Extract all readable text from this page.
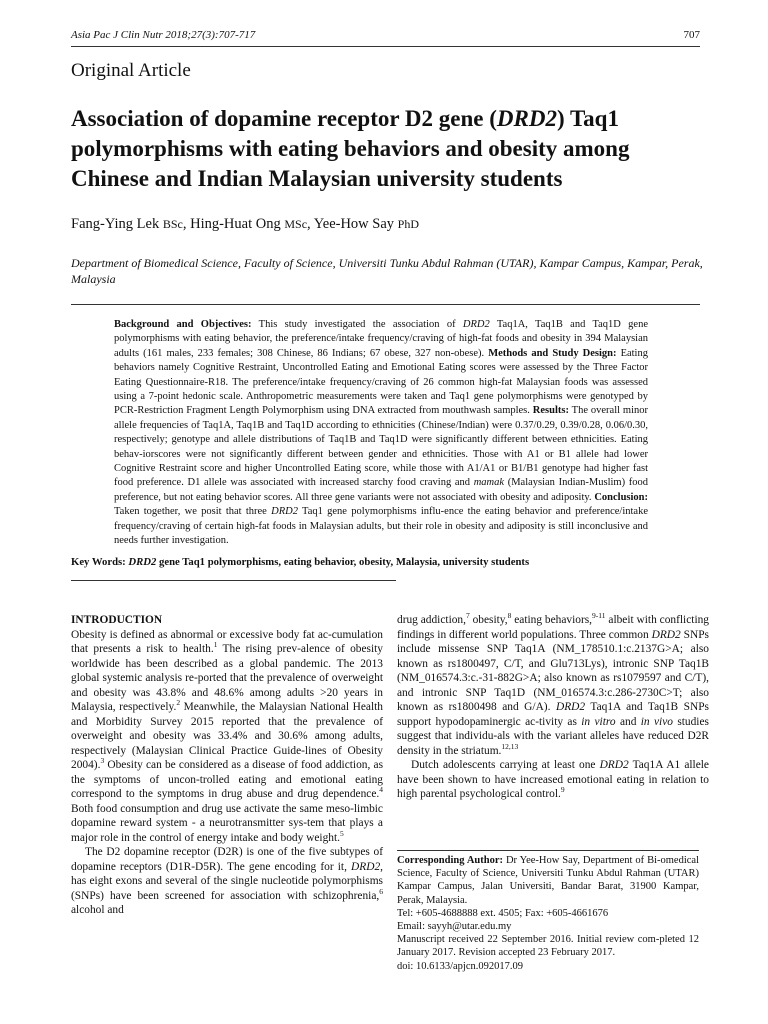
Asia Pac J Clin Nutr 2018;27(3):707-717	707
Original Article
Association of dopamine receptor D2 gene (DRD2) Taq1 polymorphisms with eating behaviors and obesity among Chinese and Indian Malaysian university students
Fang-Ying Lek BSc, Hing-Huat Ong MSc, Yee-How Say PhD
Department of Biomedical Science, Faculty of Science, Universiti Tunku Abdul Rahman (UTAR), Kampar Campus, Kampar, Perak, Malaysia
Background and Objectives: This study investigated the association of DRD2 Taq1A, Taq1B and Taq1D gene polymorphisms with eating behavior, the preference/intake frequency/craving of high-fat foods and obesity in 394 Malaysian adults (161 males, 233 females; 308 Chinese, 86 Indians; 67 obese, 327 non-obese). Methods and Study Design: Eating behaviors namely Cognitive Restraint, Uncontrolled Eating and Emotional Eating scores were assessed by the Three Factor Eating Questionnaire-R18. The preference/intake frequency/craving of 26 common high-fat Malaysian foods was assessed using a 7-point hedonic scale. Anthropometric measurements were taken and Taq1 gene polymorphisms were genotyped by PCR-Restriction Fragment Length Polymorphism using DNA extracted from mouthwash samples. Results: The overall minor allele frequencies of Taq1A, Taq1B and Taq1D according to ethnicities (Chinese/Indian) were 0.37/0.29, 0.39/0.28, 0.06/0.30, respectively; genotype and allele distributions of Taq1B and Taq1D were significantly different between ethnicities. Eating behav-iorscores were not significantly different between gender and ethnicities. Those with A1 or B1 allele had lower Cognitive Restraint score and higher Uncontrolled Eating score, while those with A1/A1 or B1/B1 genotype had higher fast food preference. D1 allele was associated with increased starchy food craving and mamak (Malaysian Indian-Muslim) food preference, but not eating behavior scores. All three gene variants were not associated with obesity and adiposity. Conclusion: Taken together, we posit that three DRD2 Taq1 gene polymorphisms influ-ence the eating behavior and preference/intake frequency/craving of certain high-fat foods in Malaysian adults, but their role in obesity and adiposity is still inconclusive and needs further investigation.
Key Words: DRD2 gene Taq1 polymorphisms, eating behavior, obesity, Malaysia, university students
INTRODUCTION

Obesity is defined as abnormal or excessive body fat ac-cumulation that presents a risk to health.$^1$ The rising prev-alence of obesity worldwide has been described as a global pandemic. The 2013 global systemic analysis re-ported that the prevalence of overweight and obesity was 43.8% and 48.6% among adults >20 years in Malaysia, respectively.$^2$ Meanwhile, the Malaysian National Health and Morbidity Survey 2015 reported that the prevalence of overweight and obesity was 33.4% and 30.6% among adults, respectively (Malaysian Clinical Practice Guide-lines of Obesity 2004).$^3$ Obesity can be considered as a disease of food addiction, as the symptoms of uncon-trolled eating and emotional eating correspond to the symptoms in drug abuse and drug dependence.$^4$ Both food consumption and drug use activate the same meso-limbic dopamine reward system - a neurotransmitter sys-tem that plays a major role in the control of energy intake and body weight.$^5$

The D2 dopamine receptor (D2R) is one of the five subtypes of dopamine receptors (D1R-D5R). The gene encoding for it, DRD2, has eight exons and several of the single nucleotide polymorphisms (SNPs) have been screened for association with schizophrenia,$^6$ alcohol and

drug addiction,$^7$ obesity,$^8$ eating behaviors,$^{9-11}$ albeit with conflicting findings in different world populations. Three common DRD2 SNPs include missense SNP Taq1A (NM_178510.1:c.2137G>A; also known as rs1800497, C/T, and Glu713Lys), intronic SNP Taq1B (NM_016574.3:c.-31-882G>A; also known as rs1079597 and C/T), and intronic SNP Taq1D (NM_016574.3:c.286-2730C>T; also known as rs1800498 and G/A). DRD2 Taq1A and Taq1B SNPs support hypodopaminergic ac-tivity as in vitro and in vivo studies suggest that individu-als with the variant alleles have reduced D2R density in the striatum.$^{12,13}$

Dutch adolescents carrying at least one DRD2 Taq1A A1 allele have been shown to have increased emotional eating in relation to high parental psychological control.$^9$

Corresponding Author: Dr Yee-How Say, Department of Bi-omedical Science, Faculty of Science, Universiti Tunku Abdul Rahman (UTAR) Kampar Campus, Jalan Universiti, Bandar Barat, 31900 Kampar, Perak, Malaysia.

Tel: +605-4688888 ext. 4505; Fax: +605-4661676

Email: sayyh@utar.edu.my

Manuscript received 22 September 2016. Initial review com-pleted 12 January 2017. Revision accepted 23 February 2017.

doi: 10.6133/apjcn.092017.09
